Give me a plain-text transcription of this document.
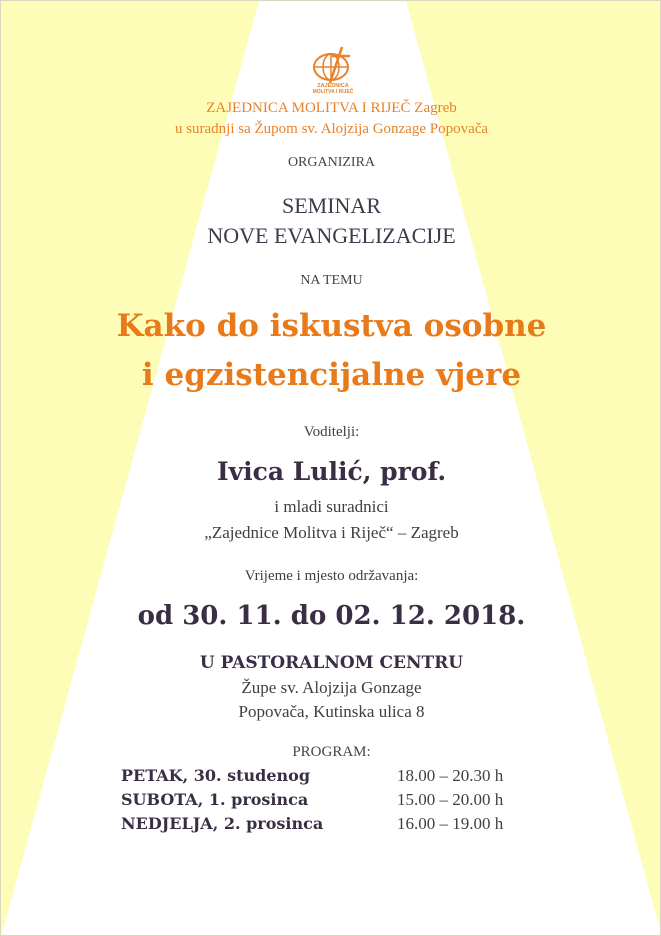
ZAJEDNICA
MOLITVA I RIJEČ
ZAJEDNICA MOLITVA I RIJEČ Zagreb
u suradnji sa Župom sv. Alojzija Gonzage Popovača
ORGANIZIRA
SEMINAR
NOVE EVANGELIZACIJE
NA TEMU
Kako do iskustva osobne
i egzistencijalne vjere
Voditelji:
Ivica Lulić, prof.
i mladi suradnici
„Zajednice Molitva i Riječ“ – Zagreb
Vrijeme i mjesto održavanja:
od 30. 11. do 02. 12. 2018.
U PASTORALNOM CENTRU
Župe sv. Alojzija Gonzage
Popovača, Kutinska ulica 8
PROGRAM:
PETAK, 30. studenog	18.00 – 20.30 h
SUBOTA, 1. prosinca	15.00 – 20.00 h
NEDJELJA, 2. prosinca	16.00 – 19.00 h
